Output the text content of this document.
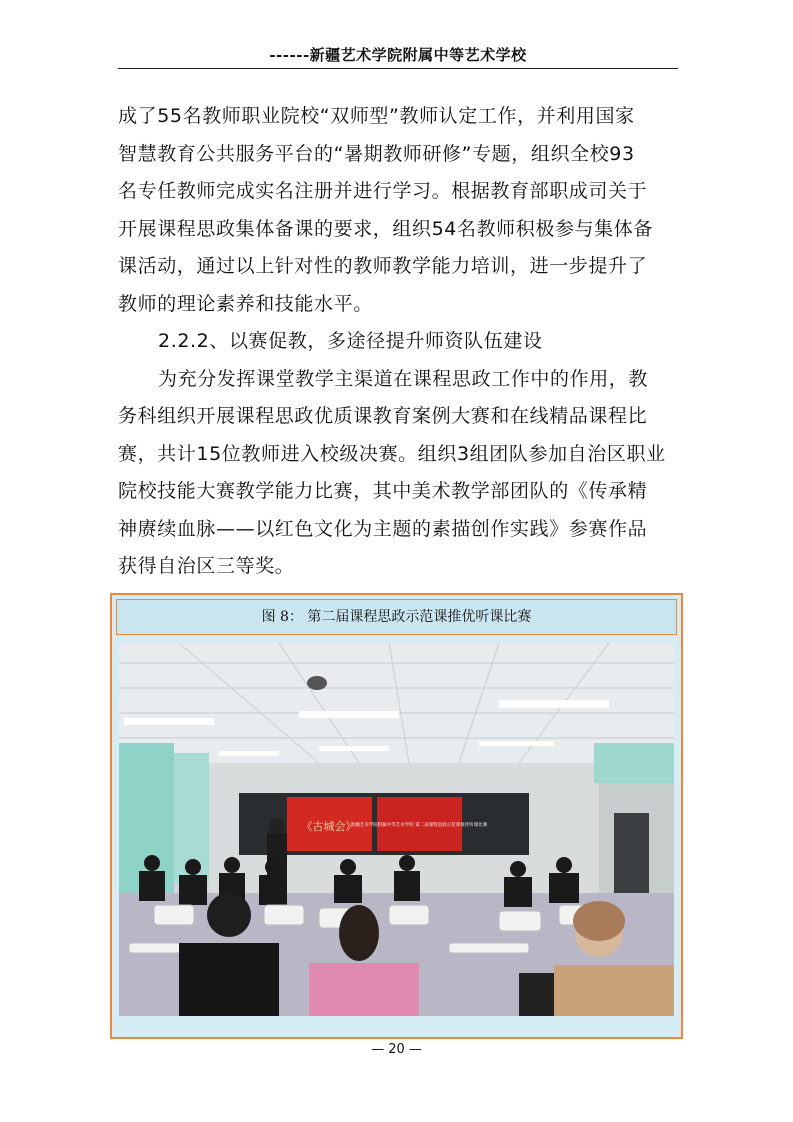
------新疆艺术学院附属中等艺术学校
成了55名教师职业院校“双师型”教师认定工作，并利用国家
智慧教育公共服务平台的“暑期教师研修”专题，组织全校93
名专任教师完成实名注册并进行学习。根据教育部职成司关于
开展课程思政集体备课的要求，组织54名教师积极参与集体备
课活动，通过以上针对性的教师教学能力培训，进一步提升了
教师的理论素养和技能水平。
2.2.2、以赛促教，多途径提升师资队伍建设
为充分发挥课堂教学主渠道在课程思政工作中的作用，教
务科组织开展课程思政优质课教育案例大赛和在线精品课程比
赛，共计15位教师进入校级决赛。组织3组团队参加自治区职业
院校技能大赛教学能力比赛，其中美术教学部团队的《传承精
神赓续血脉——以红色文化为主题的素描创作实践》参赛作品
获得自治区三等奖。
图 8： 第二届课程思政示范课推优听课比赛
《古城会》
新疆艺术学院附属中等艺术学校 第二届课程思政示范课推优听课比赛
— 20 —
